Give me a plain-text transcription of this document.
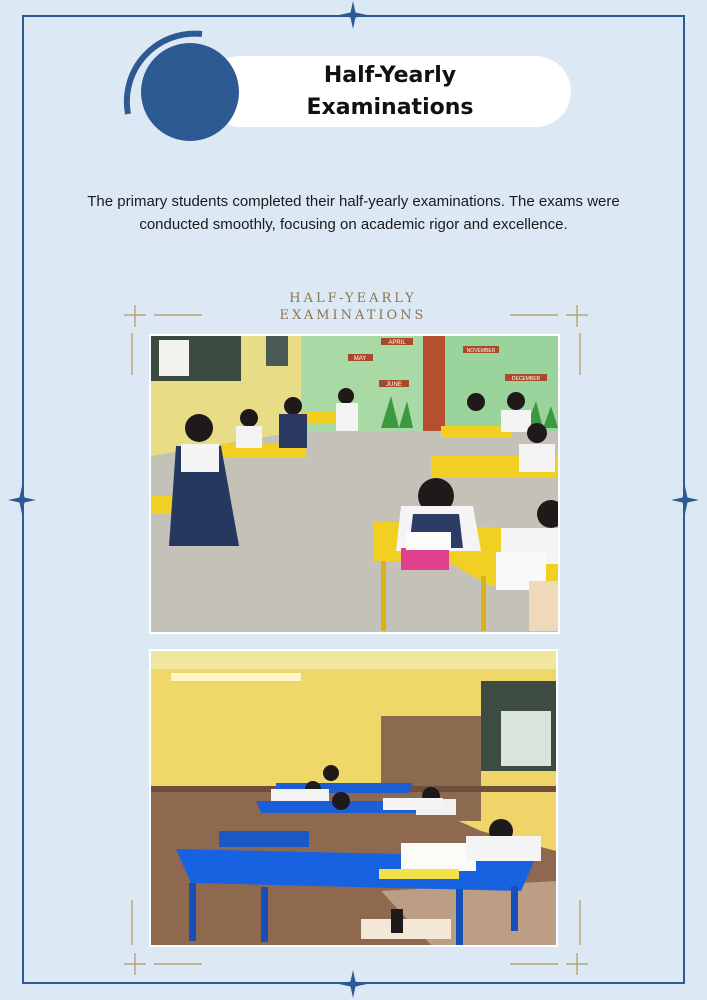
Half-Yearly Examinations
The primary students completed their half-yearly examinations. The exams were conducted smoothly, focusing on academic rigor and excellence.
HALF-YEARLY EXAMINATIONS
APRIL
MAY
JUNE
NOVEMBER
DECEMBER
